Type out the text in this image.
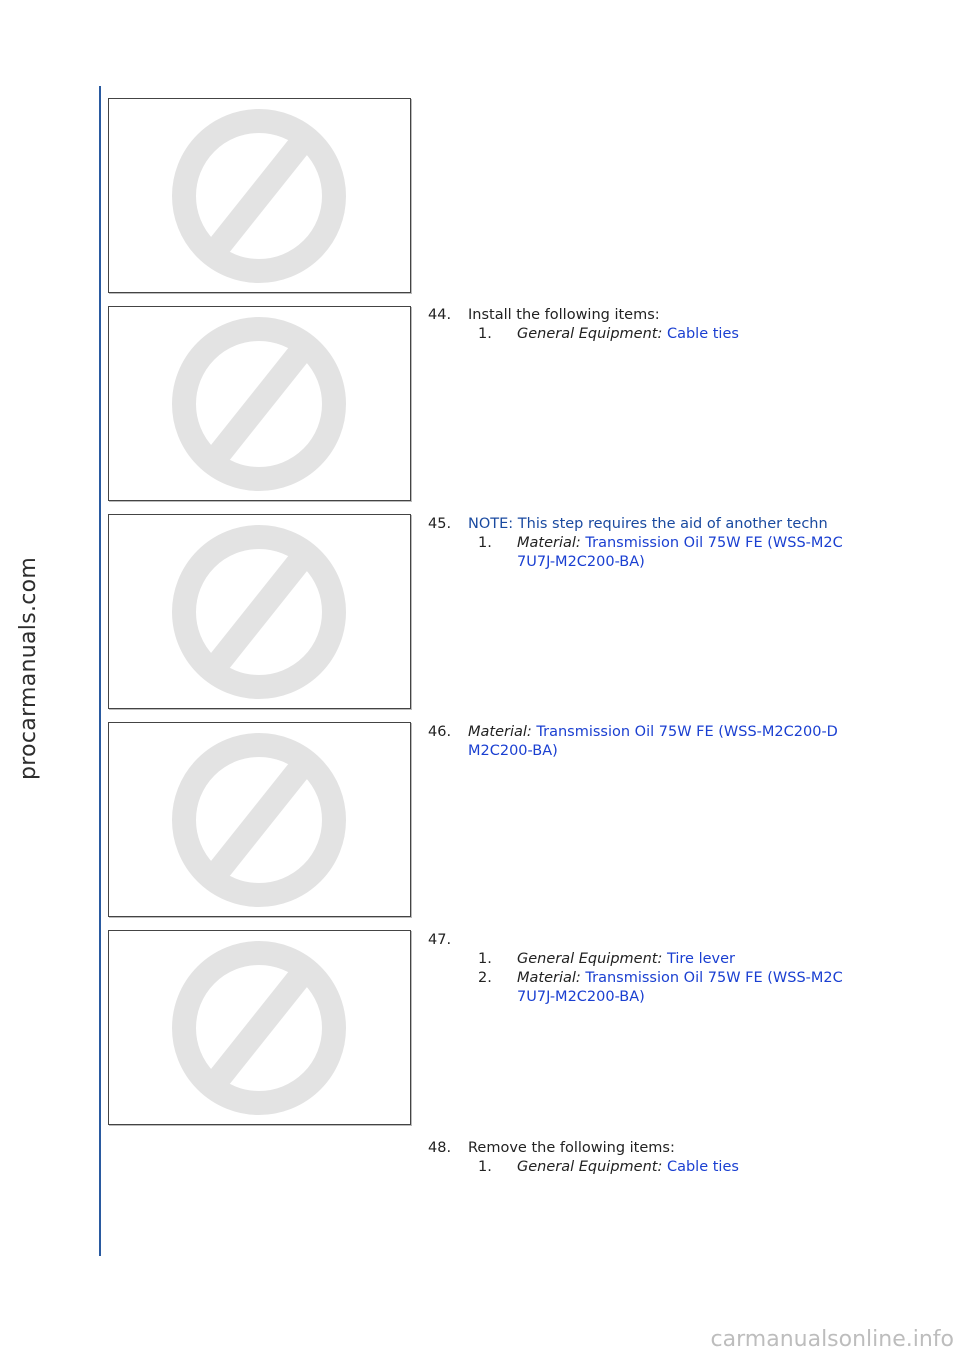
procarmanuals.com
carmanualsonline.info
44. Install the following items:
1. General Equipment: Cable ties
45. NOTE: This step requires the aid of another techn
1. Material: Transmission Oil 75W FE (WSS-M2C
7U7J-M2C200-BA)
46. Material: Transmission Oil 75W FE (WSS-M2C200-D
M2C200-BA)
47.
1. General Equipment: Tire lever
2. Material: Transmission Oil 75W FE (WSS-M2C
7U7J-M2C200-BA)
48. Remove the following items:
1. General Equipment: Cable ties
